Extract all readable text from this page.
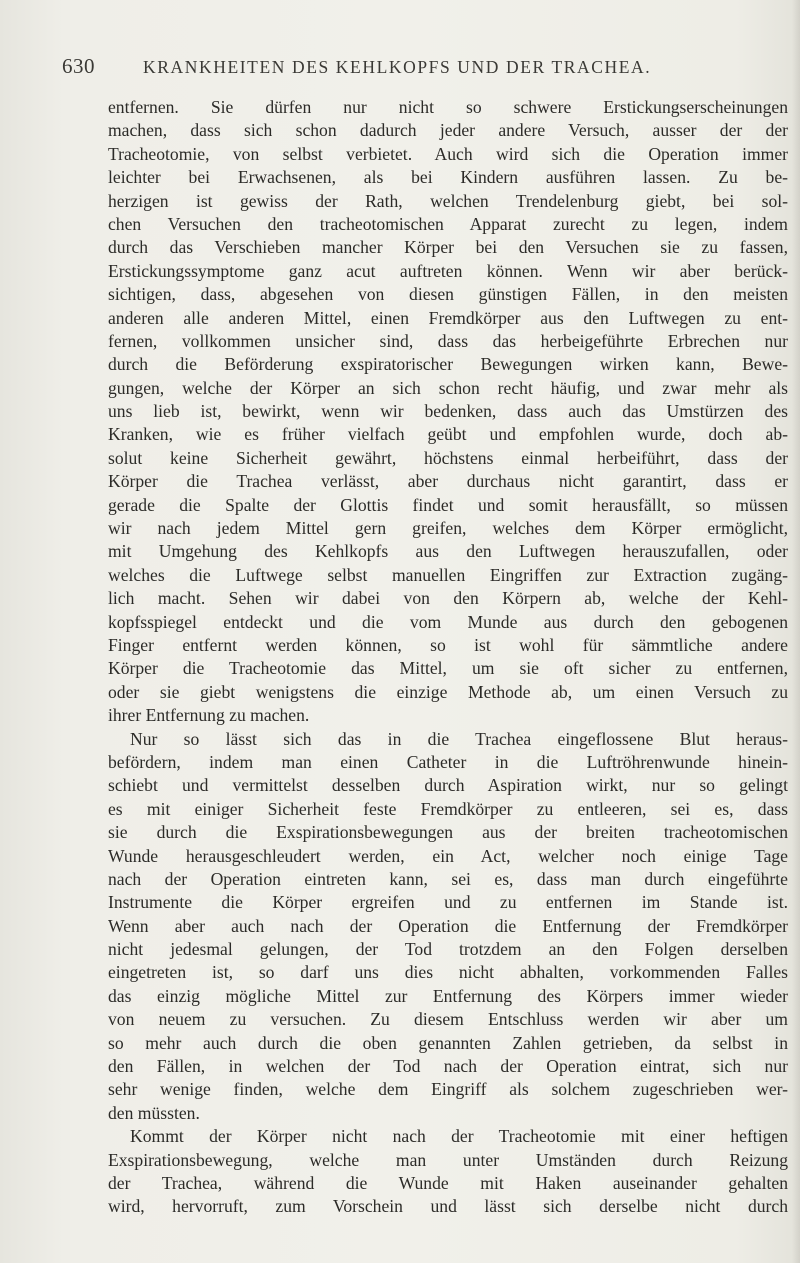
630	KRANKHEITEN DES KEHLKOPFS UND DER TRACHEA.
entfernen. Sie dürfen nur nicht so schwere Erstickungserscheinungen
machen, dass sich schon dadurch jeder andere Versuch, ausser der der
Tracheotomie, von selbst verbietet. Auch wird sich die Operation immer
leichter bei Erwachsenen, als bei Kindern ausführen lassen. Zu be-
herzigen ist gewiss der Rath, welchen Trendelenburg giebt, bei sol-
chen Versuchen den tracheotomischen Apparat zurecht zu legen, indem
durch das Verschieben mancher Körper bei den Versuchen sie zu fassen,
Erstickungssymptome ganz acut auftreten können. Wenn wir aber berück-
sichtigen, dass, abgesehen von diesen günstigen Fällen, in den meisten
anderen alle anderen Mittel, einen Fremdkörper aus den Luftwegen zu ent-
fernen, vollkommen unsicher sind, dass das herbeigeführte Erbrechen nur
durch die Beförderung exspiratorischer Bewegungen wirken kann, Bewe-
gungen, welche der Körper an sich schon recht häufig, und zwar mehr als
uns lieb ist, bewirkt, wenn wir bedenken, dass auch das Umstürzen des
Kranken, wie es früher vielfach geübt und empfohlen wurde, doch ab-
solut keine Sicherheit gewährt, höchstens einmal herbeiführt, dass der
Körper die Trachea verlässt, aber durchaus nicht garantirt, dass er
gerade die Spalte der Glottis findet und somit herausfällt, so müssen
wir nach jedem Mittel gern greifen, welches dem Körper ermöglicht,
mit Umgehung des Kehlkopfs aus den Luftwegen herauszufallen, oder
welches die Luftwege selbst manuellen Eingriffen zur Extraction zugäng-
lich macht. Sehen wir dabei von den Körpern ab, welche der Kehl-
kopfsspiegel entdeckt und die vom Munde aus durch den gebogenen
Finger entfernt werden können, so ist wohl für sämmtliche andere
Körper die Tracheotomie das Mittel, um sie oft sicher zu entfernen,
oder sie giebt wenigstens die einzige Methode ab, um einen Versuch zu
ihrer Entfernung zu machen.
Nur so lässt sich das in die Trachea eingeflossene Blut heraus-
befördern, indem man einen Catheter in die Luftröhrenwunde hinein-
schiebt und vermittelst desselben durch Aspiration wirkt, nur so gelingt
es mit einiger Sicherheit feste Fremdkörper zu entleeren, sei es, dass
sie durch die Exspirationsbewegungen aus der breiten tracheotomischen
Wunde herausgeschleudert werden, ein Act, welcher noch einige Tage
nach der Operation eintreten kann, sei es, dass man durch eingeführte
Instrumente die Körper ergreifen und zu entfernen im Stande ist.
Wenn aber auch nach der Operation die Entfernung der Fremdkörper
nicht jedesmal gelungen, der Tod trotzdem an den Folgen derselben
eingetreten ist, so darf uns dies nicht abhalten, vorkommenden Falles
das einzig mögliche Mittel zur Entfernung des Körpers immer wieder
von neuem zu versuchen. Zu diesem Entschluss werden wir aber um
so mehr auch durch die oben genannten Zahlen getrieben, da selbst in
den Fällen, in welchen der Tod nach der Operation eintrat, sich nur
sehr wenige finden, welche dem Eingriff als solchem zugeschrieben wer-
den müssten.
Kommt der Körper nicht nach der Tracheotomie mit einer heftigen
Exspirationsbewegung, welche man unter Umständen durch Reizung
der Trachea, während die Wunde mit Haken auseinander gehalten
wird, hervorruft, zum Vorschein und lässt sich derselbe nicht durch
